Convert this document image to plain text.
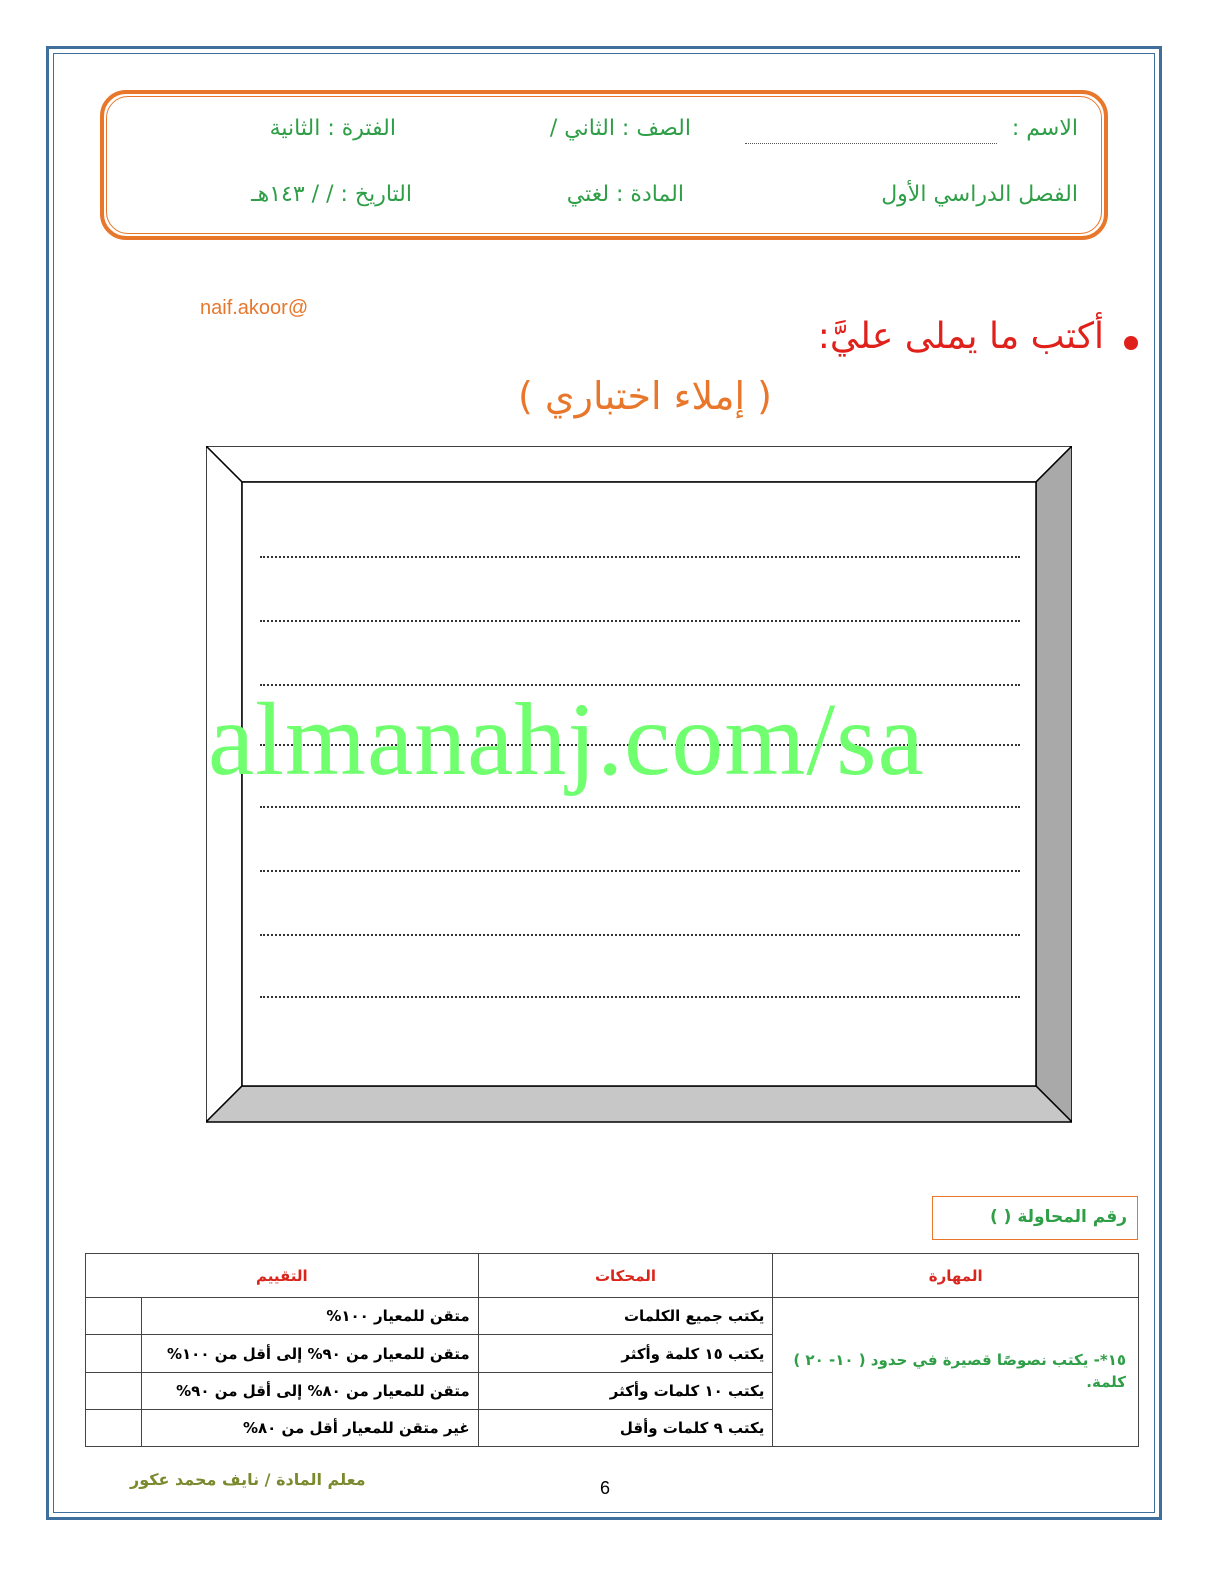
الاسم :
الصف : الثاني /
الفترة : الثانية
الفصل الدراسي الأول
المادة : لغتي
التاريخ : / / ١٤٣هـ
naif.akoor@
أكتب ما يملى عليَّ:
( إملاء اختباري )
almanahj.com/sa
رقم المحاولة ( )
المهارة	المحكات	التقييم	
١٥*- يكتب نصوصًا قصيرة في حدود ( ١٠- ٢٠ ) كلمة.	يكتب جميع الكلمات	متقن للمعيار ١٠٠%	
	يكتب ١٥ كلمة وأكثر	متقن للمعيار من ٩٠% إلى أقل من ١٠٠%	
	يكتب ١٠ كلمات وأكثر	متقن للمعيار من ٨٠% إلى أقل من ٩٠%	
	يكتب ٩ كلمات وأقل	غير متقن للمعيار أقل من ٨٠%	
معلم المادة / نايف محمد عكور	6
